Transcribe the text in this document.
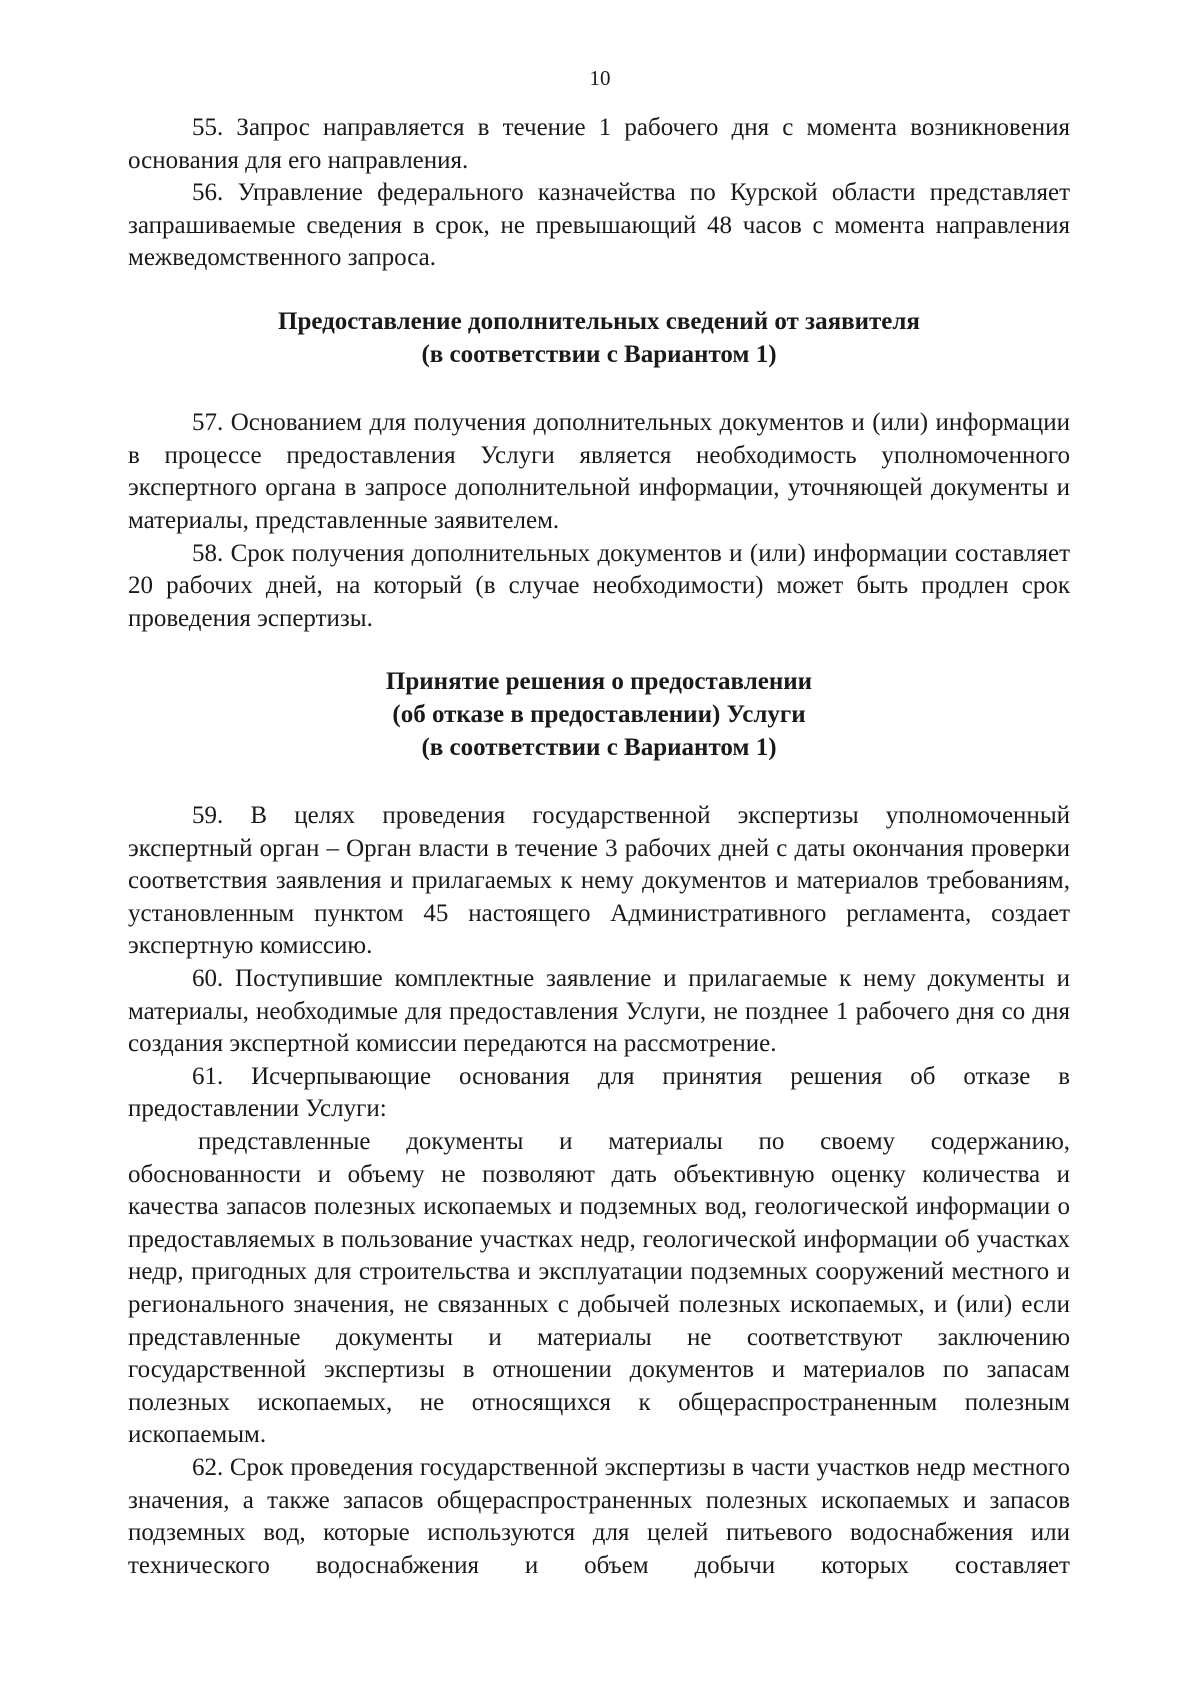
10

55. Запрос направляется в течение 1 рабочего дня с момента возникновения основания для его направления.

56. Управление федерального казначейства по Курской области представляет запрашиваемые сведения в срок, не превышающий 48 часов с момента направления межведомственного запроса.

Предоставление дополнительных сведений от заявителя
(в соответствии с Вариантом 1)

57. Основанием для получения дополнительных документов и (или) информации в процессе предоставления Услуги является необходимость уполномоченного экспертного органа в запросе дополнительной информации, уточняющей документы и материалы, представленные заявителем.

58. Срок получения дополнительных документов и (или) информации составляет 20 рабочих дней, на который (в случае необходимости) может быть продлен срок проведения эспертизы.

Принятие решения о предоставлении
(об отказе в предоставлении) Услуги
(в соответствии с Вариантом 1)

59. В целях проведения государственной экспертизы уполномоченный экспертный орган – Орган власти в течение 3 рабочих дней с даты окончания проверки соответствия заявления и прилагаемых к нему документов и материалов требованиям, установленным пунктом 45 настоящего Административного регламента, создает экспертную комиссию.

60. Поступившие комплектные заявление и прилагаемые к нему документы и материалы, необходимые для предоставления Услуги, не позднее 1 рабочего дня со дня создания экспертной комиссии передаются на рассмотрение.

61. Исчерпывающие основания для принятия решения об отказе в предоставлении Услуги:

представленные документы и материалы по своему содержанию, обоснованности и объему не позволяют дать объективную оценку количества и качества запасов полезных ископаемых и подземных вод, геологической информации о предоставляемых в пользование участках недр, геологической информации об участках недр, пригодных для строительства и эксплуатации подземных сооружений местного и регионального значения, не связанных с добычей полезных ископаемых, и (или) если представленные документы и материалы не соответствуют заключению государственной экспертизы в отношении документов и материалов по запасам полезных ископаемых, не относящихся к общераспространенным полезным ископаемым.

62. Срок проведения государственной экспертизы в части участков недр местного значения, а также запасов общераспространенных полезных ископаемых и запасов подземных вод, которые используются для целей питьевого водоснабжения или технического водоснабжения и объем добычи которых составляет
